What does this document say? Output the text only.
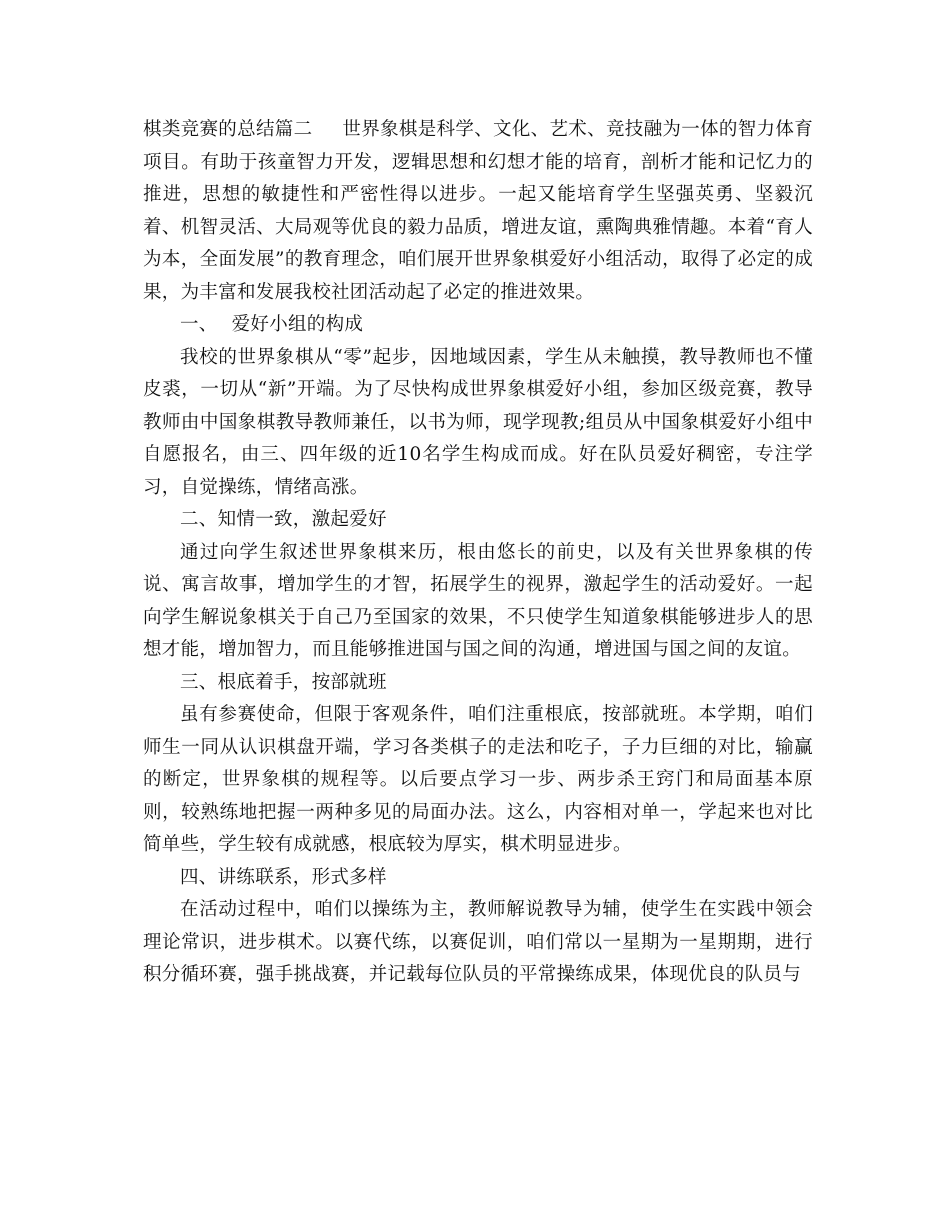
棋类竞赛的总结篇二 世界象棋是科学、文化、艺术、竞技融为一体的智力体育项目。有助于孩童智力开发，逻辑思想和幻想才能的培育，剖析才能和记忆力的推进，思想的敏捷性和严密性得以进步。一起又能培育学生坚强英勇、坚毅沉着、机智灵活、大局观等优良的毅力品质，增进友谊，熏陶典雅情趣。本着“育人为本，全面发展”的教育理念，咱们展开世界象棋爱好小组活动，取得了必定的成果，为丰富和发展我校社团活动起了必定的推进效果。

一、 爱好小组的构成

我校的世界象棋从“零”起步，因地域因素，学生从未触摸，教导教师也不懂皮裘，一切从“新”开端。为了尽快构成世界象棋爱好小组，参加区级竞赛，教导教师由中国象棋教导教师兼任，以书为师，现学现教;组员从中国象棋爱好小组中自愿报名，由三、四年级的近10名学生构成而成。好在队员爱好稠密，专注学习，自觉操练，情绪高涨。

二、知情一致，激起爱好

通过向学生叙述世界象棋来历，根由悠长的前史，以及有关世界象棋的传说、寓言故事，增加学生的才智，拓展学生的视界，激起学生的活动爱好。一起向学生解说象棋关于自己乃至国家的效果，不只使学生知道象棋能够进步人的思想才能，增加智力，而且能够推进国与国之间的沟通，增进国与国之间的友谊。

三、根底着手，按部就班

虽有参赛使命，但限于客观条件，咱们注重根底，按部就班。本学期，咱们师生一同从认识棋盘开端，学习各类棋子的走法和吃子，子力巨细的对比，输赢的断定，世界象棋的规程等。以后要点学习一步、两步杀王窍门和局面基本原则，较熟练地把握一两种多见的局面办法。这么，内容相对单一，学起来也对比简单些，学生较有成就感，根底较为厚实，棋术明显进步。

四、讲练联系，形式多样

在活动过程中，咱们以操练为主，教师解说教导为辅，使学生在实践中领会理论常识，进步棋术。以赛代练，以赛促训，咱们常以一星期为一星期期，进行积分循环赛，强手挑战赛，并记载每位队员的平常操练成果，体现优良的队员与
